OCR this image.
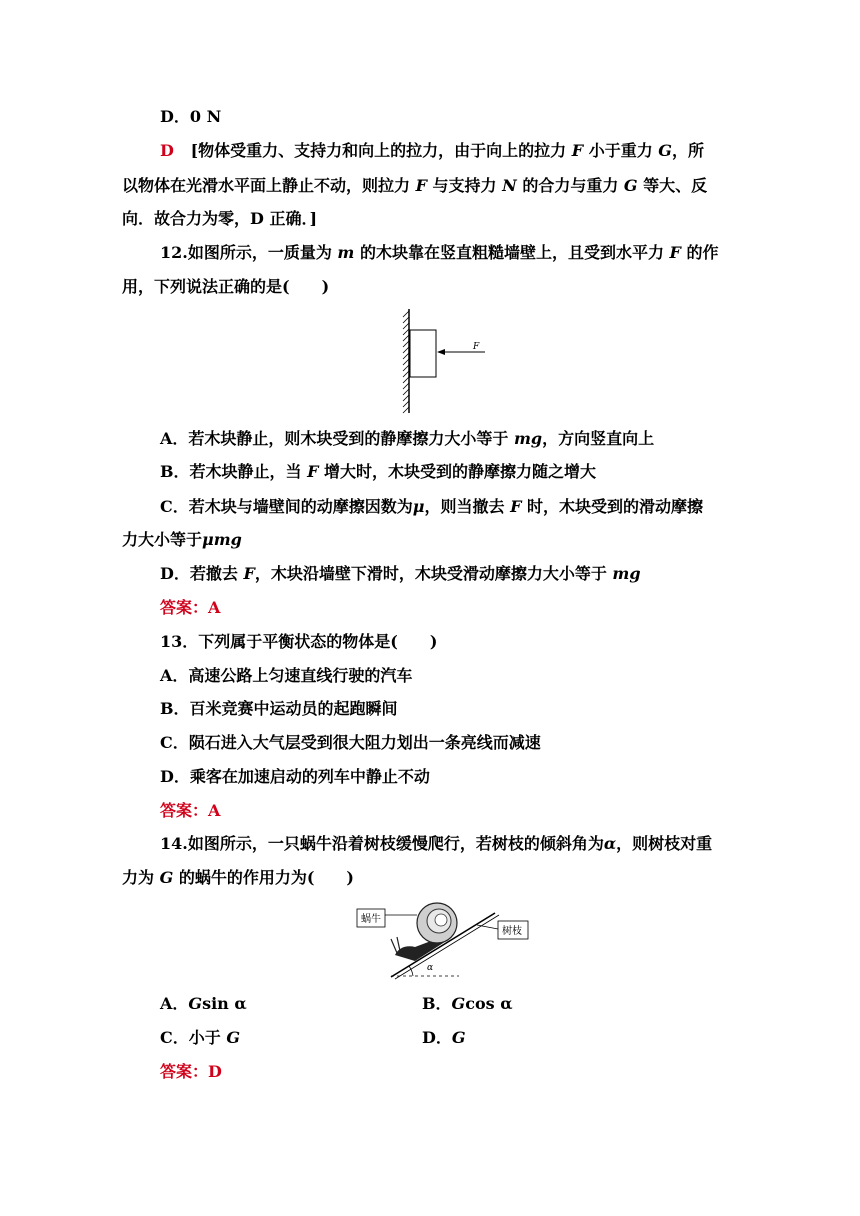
D．0 N
D [物体受重力、支持力和向上的拉力，由于向上的拉力 F 小于重力 G，所
以物体在光滑水平面上静止不动，则拉力 F 与支持力 N 的合力与重力 G 等大、反
向．故合力为零，D 正确．]
12.如图所示，一质量为 m 的木块靠在竖直粗糙墙壁上，且受到水平力 F 的作
用，下列说法正确的是(　　)
F
A．若木块静止，则木块受到的静摩擦力大小等于 mg，方向竖直向上
B．若木块静止，当 F 增大时，木块受到的静摩擦力随之增大
C．若木块与墙壁间的动摩擦因数为μ，则当撤去 F 时，木块受到的滑动摩擦
力大小等于μmg
D．若撤去 F，木块沿墙壁下滑时，木块受滑动摩擦力大小等于 mg
答案：A
13．下列属于平衡状态的物体是(　　)
A．高速公路上匀速直线行驶的汽车
B．百米竞赛中运动员的起跑瞬间
C．陨石进入大气层受到很大阻力划出一条亮线而减速
D．乘客在加速启动的列车中静止不动
答案：A
14.如图所示，一只蜗牛沿着树枝缓慢爬行，若树枝的倾斜角为α，则树枝对重
力为 G 的蜗牛的作用力为(　　)
α
蜗牛
树枝
A．Gsin α	B．Gcos α
C．小于 G	D．G
答案：D
